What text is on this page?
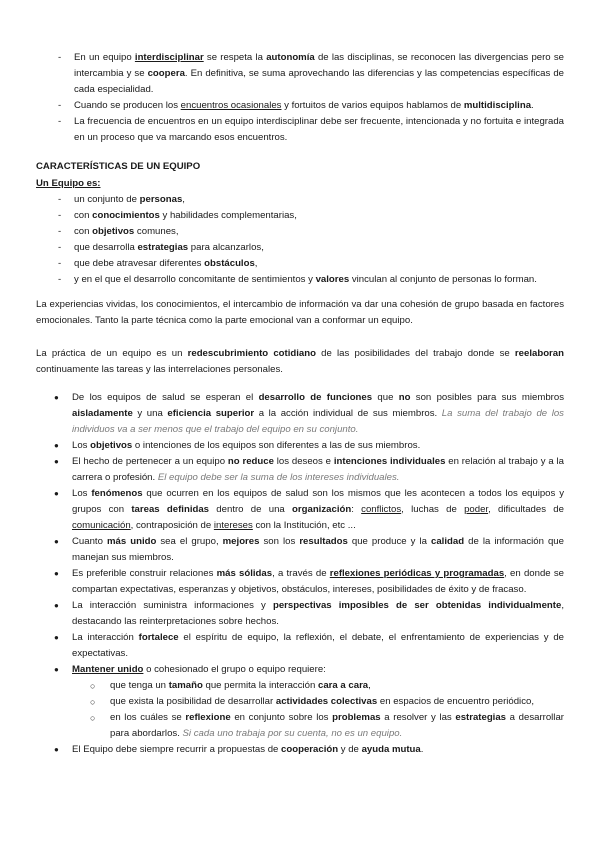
- En un equipo interdisciplinar se respeta la autonomía de las disciplinas, se reconocen las divergencias pero se intercambia y se coopera. En definitiva, se suma aprovechando las diferencias y las competencias específicas de cada especialidad.
- Cuando se producen los encuentros ocasionales y fortuitos de varios equipos hablamos de multidisciplina.
- La frecuencia de encuentros en un equipo interdisciplinar debe ser frecuente, intencionada y no fortuita e integrada en un proceso que va marcando esos encuentros.

CARACTERÍSTICAS DE UN EQUIPO

Un Equipo es:

- un conjunto de personas,
- con conocimientos y habilidades complementarias,
- con objetivos comunes,
- que desarrolla estrategias para alcanzarlos,
- que debe atravesar diferentes obstáculos,
- y en el que el desarrollo concomitante de sentimientos y valores vinculan al conjunto de personas lo forman.

La experiencias vividas, los conocimientos, el intercambio de información va dar una cohesión de grupo basada en factores emocionales. Tanto la parte técnica como la parte emocional van a conformar un equipo.

La práctica de un equipo es un redescubrimiento cotidiano de las posibilidades del trabajo donde se reelaboran continuamente las tareas y las interrelaciones personales.

● De los equipos de salud se esperan el desarrollo de funciones que no son posibles para sus miembros aisladamente y una eficiencia superior a la acción individual de sus miembros. La suma del trabajo de los individuos va a ser menos que el trabajo del equipo en su conjunto.
● Los objetivos o intenciones de los equipos son diferentes a las de sus miembros.
● El hecho de pertenecer a un equipo no reduce los deseos e intenciones individuales en relación al trabajo y a la carrera o profesión. El equipo debe ser la suma de los intereses individuales.
● Los fenómenos que ocurren en los equipos de salud son los mismos que les acontecen a todos los equipos y grupos con tareas definidas dentro de una organización: conflictos, luchas de poder, dificultades de comunicación, contraposición de intereses con la Institución, etc ...
● Cuanto más unido sea el grupo, mejores son los resultados que produce y la calidad de la información que manejan sus miembros.
● Es preferible construir relaciones más sólidas, a través de reflexiones periódicas y programadas, en donde se compartan expectativas, esperanzas y objetivos, obstáculos, intereses, posibilidades de éxito y de fracaso.
● La interacción suministra informaciones y perspectivas imposibles de ser obtenidas individualmente, destacando las reinterpretaciones sobre hechos.
● La interacción fortalece el espíritu de equipo, la reflexión, el debate, el enfrentamiento de experiencias y de expectativas.
● Mantener unido o cohesionado el grupo o equipo requiere:
○ que tenga un tamaño que permita la interacción cara a cara,
○ que exista la posibilidad de desarrollar actividades colectivas en espacios de encuentro periódico,
○ en los cuáles se reflexione en conjunto sobre los problemas a resolver y las estrategias a desarrollar para abordarlos. Si cada uno trabaja por su cuenta, no es un equipo.
● El Equipo debe siempre recurrir a propuestas de cooperación y de ayuda mutua.
